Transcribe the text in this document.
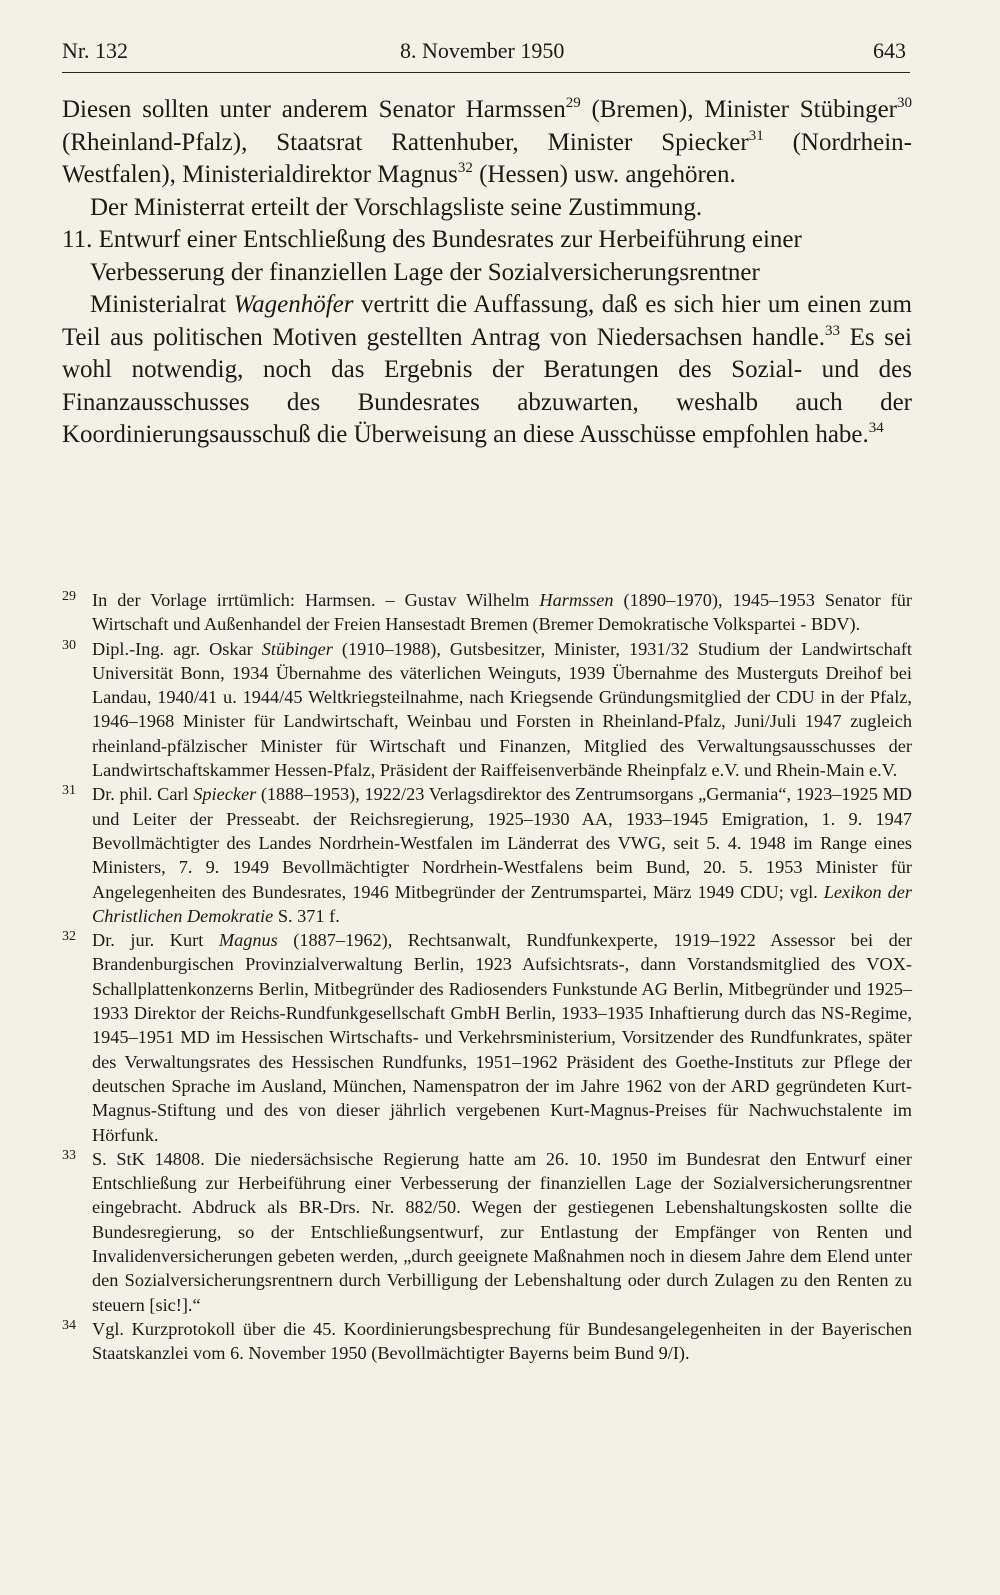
Nr. 132	8. November 1950	643

Diesen sollten unter anderem Senator Harmssen$^{29}$ (Bremen), Minister Stübinger$^{30}$ (Rheinland-Pfalz), Staatsrat Rattenhuber, Minister Spiecker$^{31}$ (Nordrhein-Westfalen), Ministerialdirektor Magnus$^{32}$ (Hessen) usw. angehören.

Der Ministerrat erteilt der Vorschlagsliste seine Zustimmung.

11. Entwurf einer Entschließung des Bundesrates zur Herbeiführung einer Verbesserung der finanziellen Lage der Sozialversicherungsrentner

Ministerialrat Wagenhöfer vertritt die Auffassung, daß es sich hier um einen zum Teil aus politischen Motiven gestellten Antrag von Niedersachsen handle.$^{33}$ Es sei wohl notwendig, noch das Ergebnis der Beratungen des Sozial- und des Finanzausschusses des Bundesrates abzuwarten, weshalb auch der Koordinierungsausschuß die Überweisung an diese Ausschüsse empfohlen habe.$^{34}$

29 In der Vorlage irrtümlich: Harmsen. – Gustav Wilhelm Harmssen (1890–1970), 1945–1953 Senator für Wirtschaft und Außenhandel der Freien Hansestadt Bremen (Bremer Demokratische Volkspartei - BDV).
30 Dipl.-Ing. agr. Oskar Stübinger (1910–1988), Gutsbesitzer, Minister, 1931/32 Studium der Landwirtschaft Universität Bonn, 1934 Übernahme des väterlichen Weinguts, 1939 Übernahme des Musterguts Dreihof bei Landau, 1940/41 u. 1944/45 Weltkriegsteilnahme, nach Kriegsende Gründungsmitglied der CDU in der Pfalz, 1946–1968 Minister für Landwirtschaft, Weinbau und Forsten in Rheinland-Pfalz, Juni/Juli 1947 zugleich rheinland-pfälzischer Minister für Wirtschaft und Finanzen, Mitglied des Verwaltungsausschusses der Landwirtschaftskammer Hessen-Pfalz, Präsident der Raiffeisenverbände Rheinpfalz e.V. und Rhein-Main e.V.
31 Dr. phil. Carl Spiecker (1888–1953), 1922/23 Verlagsdirektor des Zentrumsorgans „Germania“, 1923–1925 MD und Leiter der Presseabt. der Reichsregierung, 1925–1930 AA, 1933–1945 Emigration, 1. 9. 1947 Bevollmächtigter des Landes Nordrhein-Westfalen im Länderrat des VWG, seit 5. 4. 1948 im Range eines Ministers, 7. 9. 1949 Bevollmächtigter Nordrhein-Westfalens beim Bund, 20. 5. 1953 Minister für Angelegenheiten des Bundesrates, 1946 Mitbegründer der Zentrumspartei, März 1949 CDU; vgl. Lexikon der Christlichen Demokratie S. 371 f.
32 Dr. jur. Kurt Magnus (1887–1962), Rechtsanwalt, Rundfunkexperte, 1919–1922 Assessor bei der Brandenburgischen Provinzialverwaltung Berlin, 1923 Aufsichtsrats-, dann Vorstandsmitglied des VOX-Schallplattenkonzerns Berlin, Mitbegründer des Radiosenders Funkstunde AG Berlin, Mitbegründer und 1925–1933 Direktor der Reichs-Rundfunkgesellschaft GmbH Berlin, 1933–1935 Inhaftierung durch das NS-Regime, 1945–1951 MD im Hessischen Wirtschafts- und Verkehrsministerium, Vorsitzender des Rundfunkrates, später des Verwaltungsrates des Hessischen Rundfunks, 1951–1962 Präsident des Goethe-Instituts zur Pflege der deutschen Sprache im Ausland, München, Namenspatron der im Jahre 1962 von der ARD gegründeten Kurt-Magnus-Stiftung und des von dieser jährlich vergebenen Kurt-Magnus-Preises für Nachwuchstalente im Hörfunk.
33 S. StK 14808. Die niedersächsische Regierung hatte am 26. 10. 1950 im Bundesrat den Entwurf einer Entschließung zur Herbeiführung einer Verbesserung der finanziellen Lage der Sozialversicherungsrentner eingebracht. Abdruck als BR-Drs. Nr. 882/50. Wegen der gestiegenen Lebenshaltungskosten sollte die Bundesregierung, so der Entschließungsentwurf, zur Entlastung der Empfänger von Renten und Invalidenversicherungen gebeten werden, „durch geeignete Maßnahmen noch in diesem Jahre dem Elend unter den Sozialversicherungsrentnern durch Verbilligung der Lebenshaltung oder durch Zulagen zu den Renten zu steuern [sic!].“
34 Vgl. Kurzprotokoll über die 45. Koordinierungsbesprechung für Bundesangelegenheiten in der Bayerischen Staatskanzlei vom 6. November 1950 (Bevollmächtigter Bayerns beim Bund 9/I).
